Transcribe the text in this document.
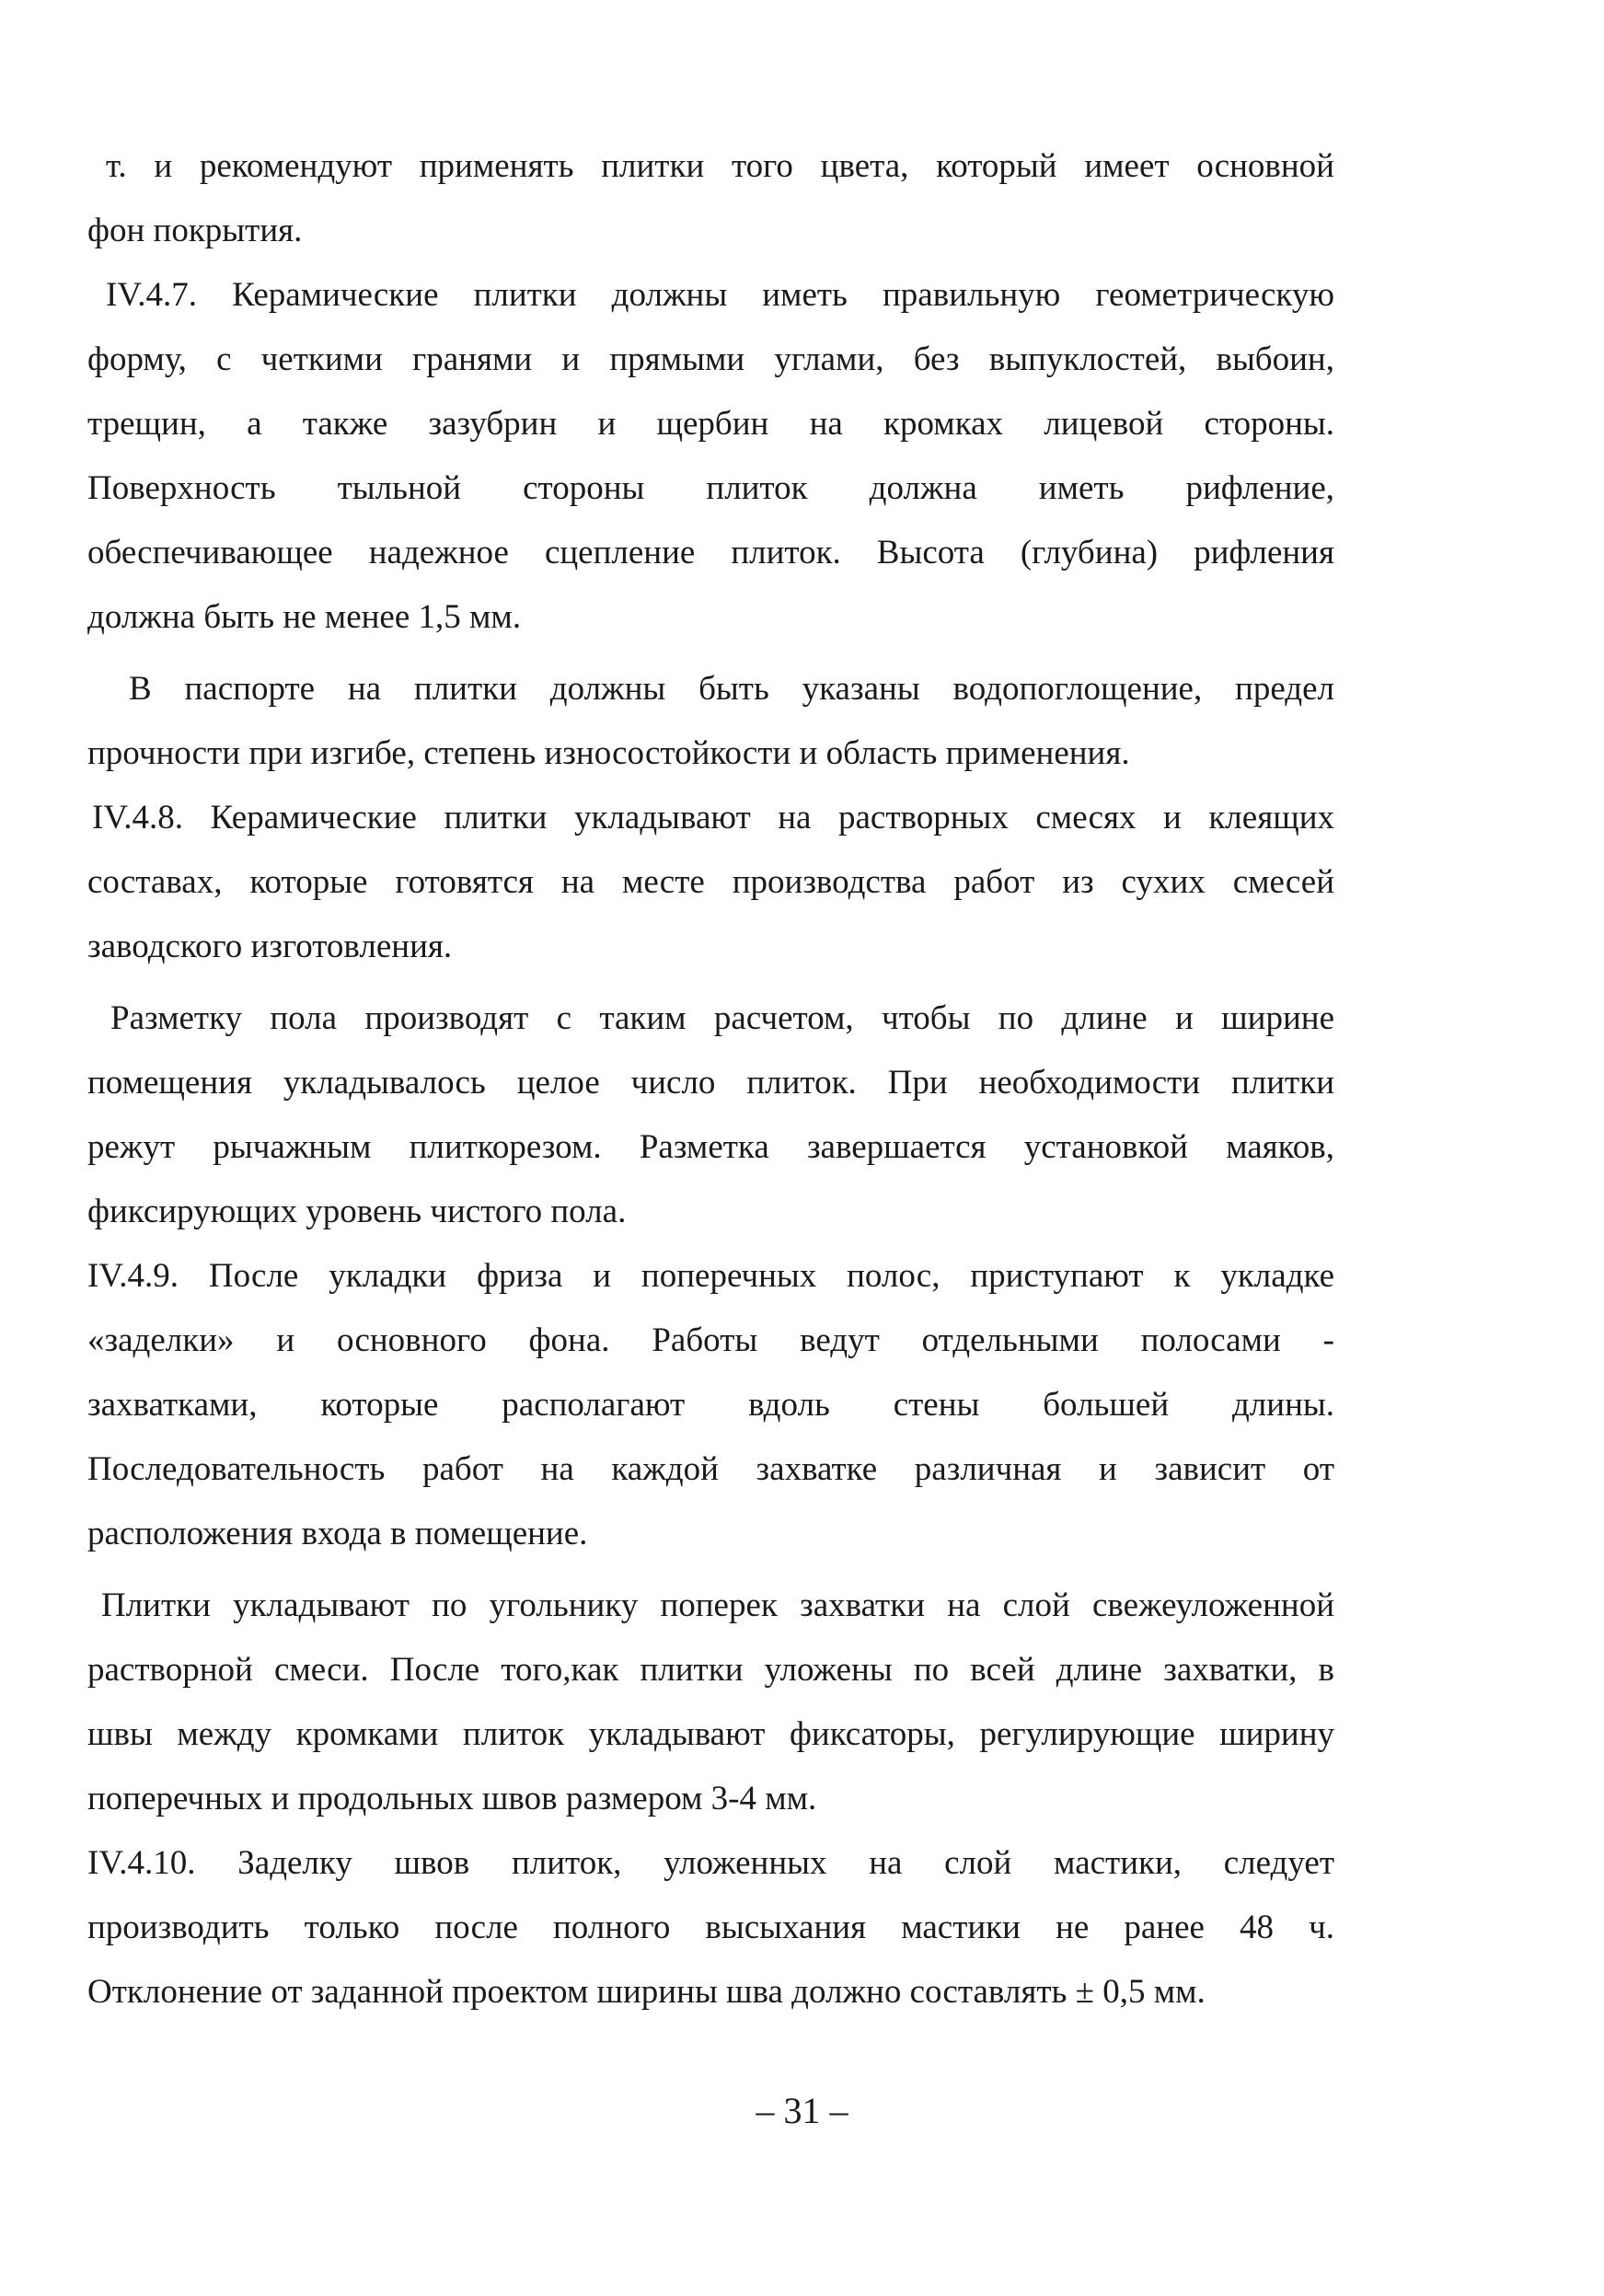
т. и рекомендуют применять плитки того цвета, который имеет основной
фон покрытия.
IV.4.7. Керамические плитки должны иметь правильную геометрическую
форму, с четкими гранями и прямыми углами, без выпуклостей, выбоин,
трещин, а также зазубрин и щербин на кромках лицевой стороны.
Поверхность тыльной стороны плиток должна иметь рифление,
обеспечивающее надежное сцепление плиток. Высота (глубина) рифления
должна быть не менее 1,5 мм.
В паспорте на плитки должны быть указаны водопоглощение, предел
прочности при изгибе, степень износостойкости и область применения.
IV.4.8. Керамические плитки укладывают на растворных смесях и клеящих
составах, которые готовятся на месте производства работ из сухих смесей
заводского изготовления.
Разметку пола производят с таким расчетом, чтобы по длине и ширине
помещения укладывалось целое число плиток. При необходимости плитки
режут рычажным плиткорезом. Разметка завершается установкой маяков,
фиксирующих уровень чистого пола.
IV.4.9. После укладки фриза и поперечных полос, приступают к укладке
«заделки» и основного фона. Работы ведут отдельными полосами -
захватками, которые располагают вдоль стены большей длины.
Последовательность работ на каждой захватке различная и зависит от
расположения входа в помещение.
Плитки укладывают по угольнику поперек захватки на слой свежеуложенной
растворной смеси. После того,как плитки уложены по всей длине захватки, в
швы между кромками плиток укладывают фиксаторы, регулирующие ширину
поперечных и продольных швов размером 3-4 мм.
IV.4.10. Заделку швов плиток, уложенных на слой мастики, следует
производить только после полного высыхания мастики не ранее 48 ч.
Отклонение от заданной проектом ширины шва должно составлять ± 0,5 мм.
– 31 –
